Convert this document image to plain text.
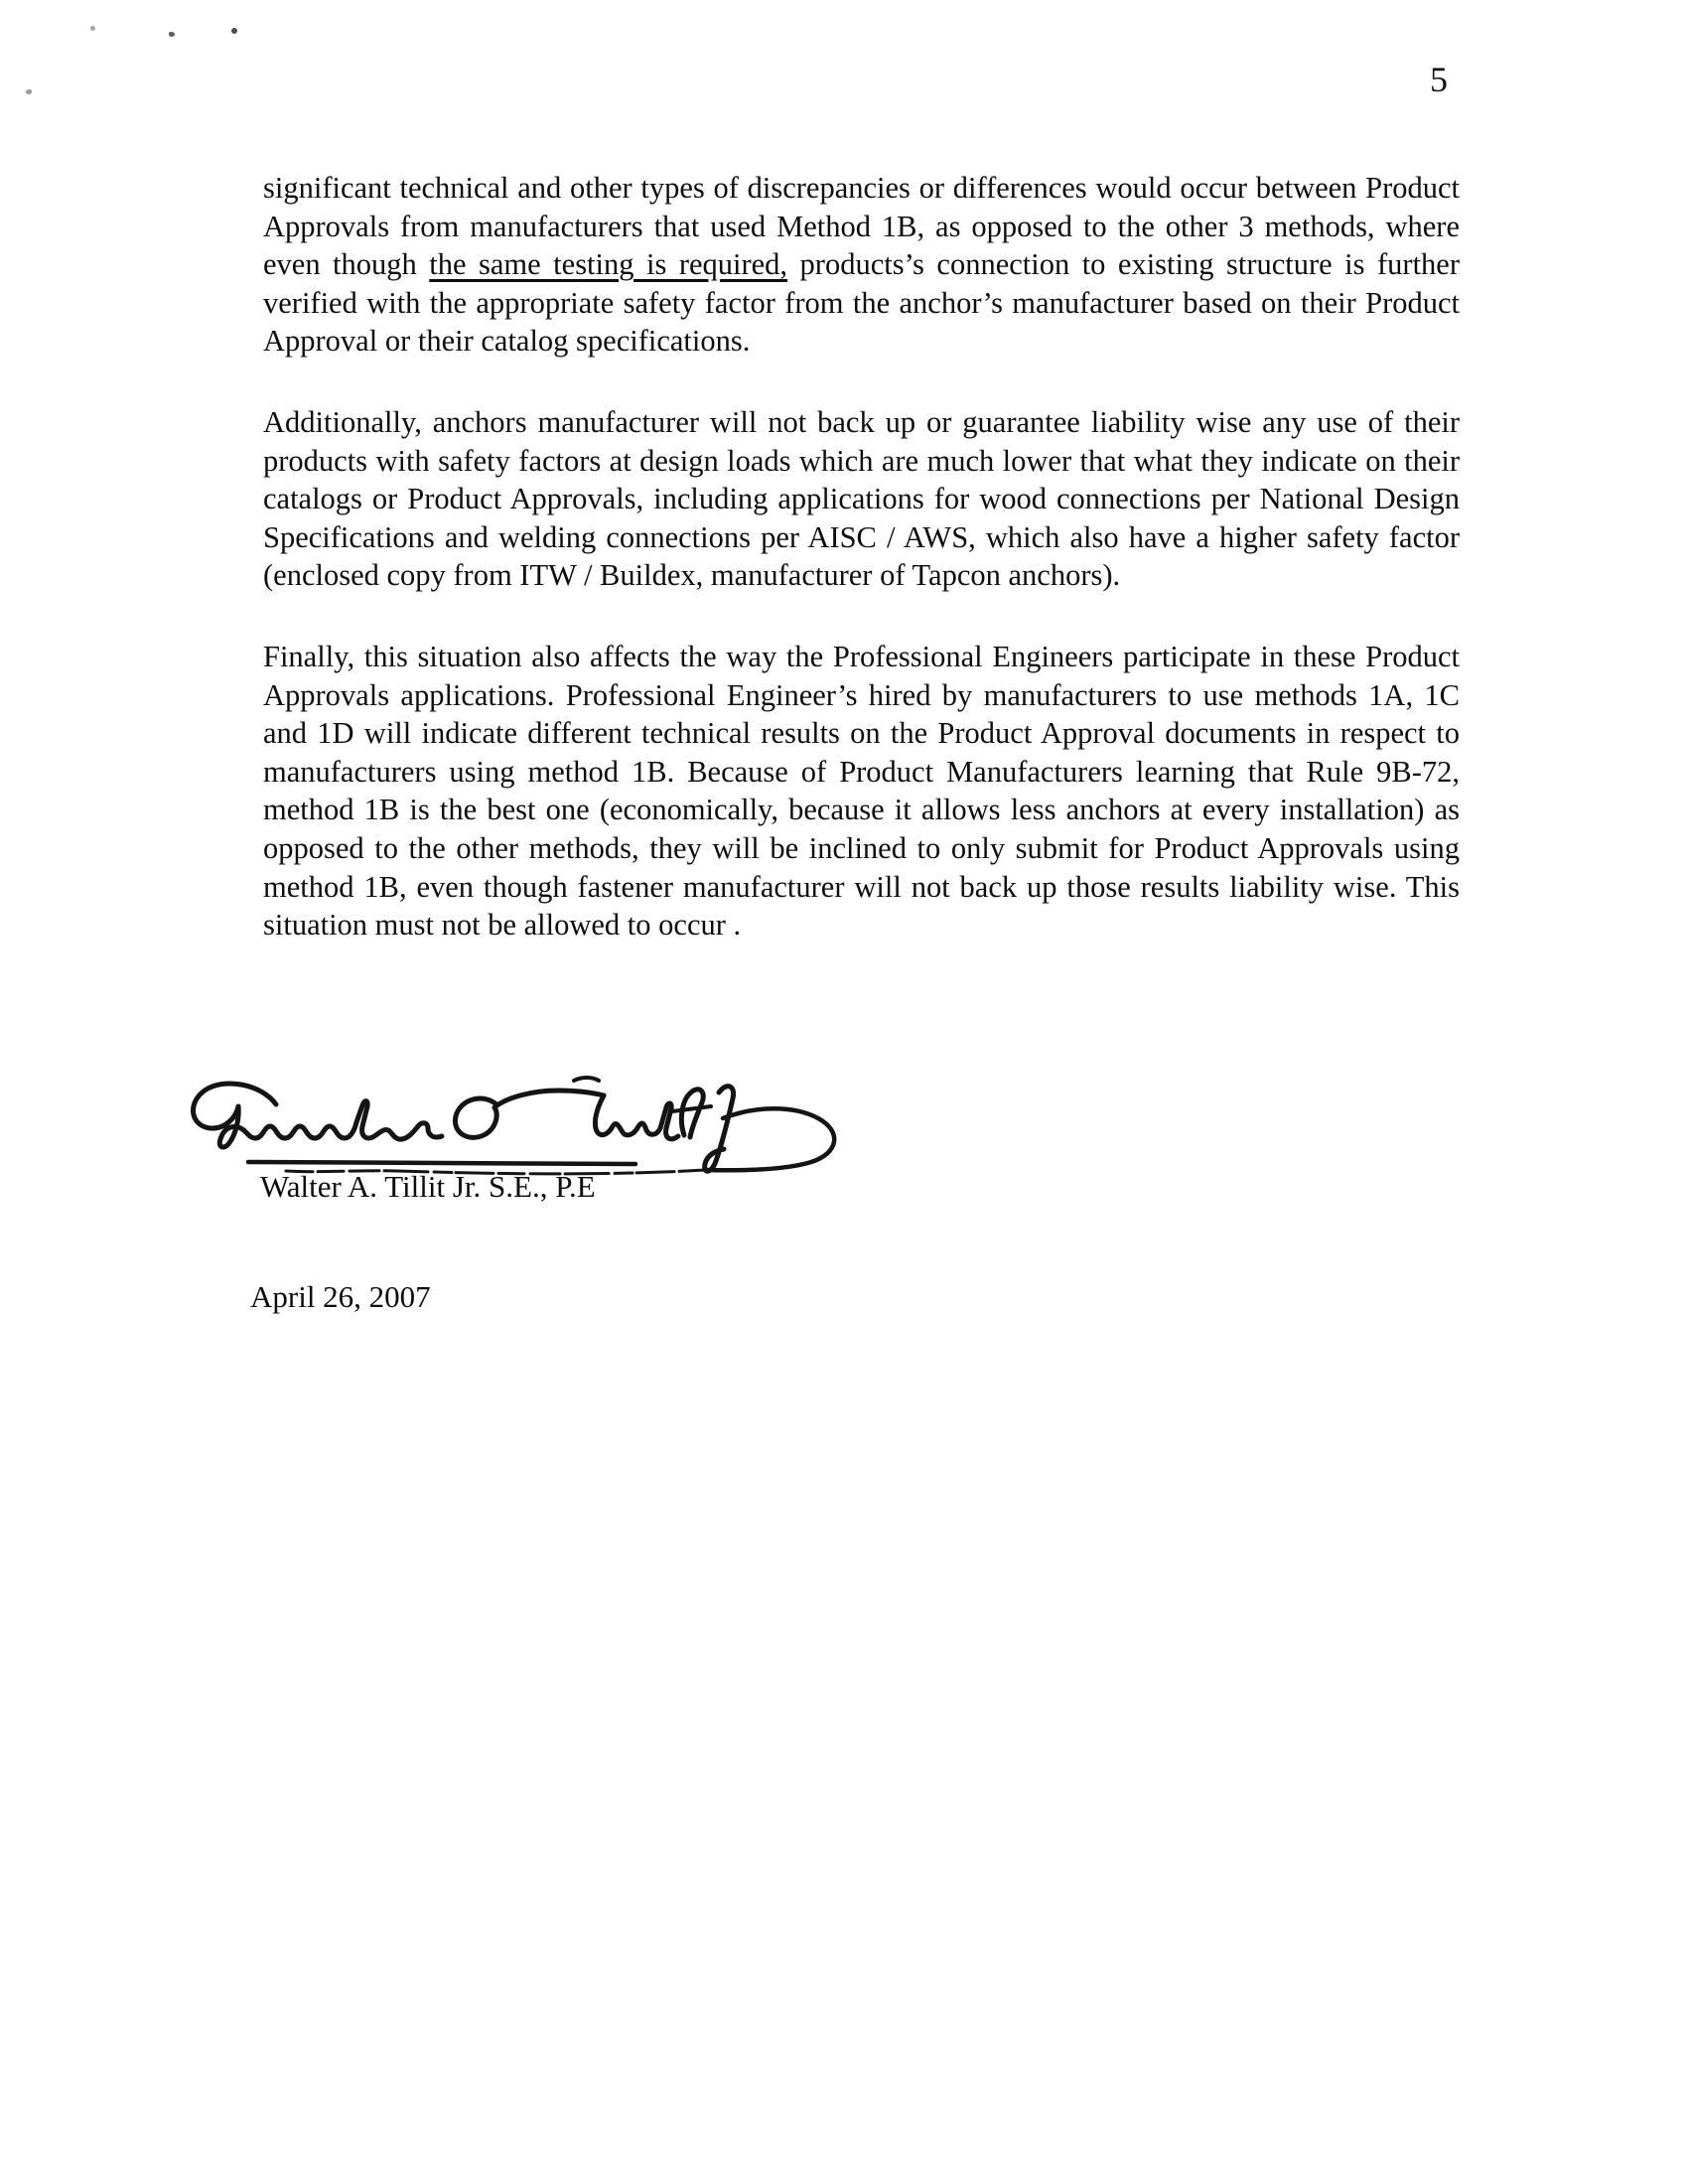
5

significant technical and other types of discrepancies or differences would occur between Product Approvals from manufacturers that used Method 1B, as opposed to the other 3 methods, where even though the same testing is required, products’s connection to existing structure is further verified with the appropriate safety factor from the anchor’s manufacturer based on their Product Approval or their catalog specifications.

Additionally, anchors manufacturer will not back up or guarantee liability wise any use of their products with safety factors at design loads which are much lower that what they indicate on their catalogs or Product Approvals, including applications for wood connections per National Design Specifications and welding connections per AISC / AWS, which also have a higher safety factor (enclosed copy from ITW / Buildex, manufacturer of Tapcon anchors).

Finally, this situation also affects the way the Professional Engineers participate in these Product Approvals applications. Professional Engineer’s hired by manufacturers to use methods 1A, 1C and 1D will indicate different technical results on the Product Approval documents in respect to manufacturers using method 1B. Because of Product Manufacturers learning that Rule 9B-72, method 1B is the best one (economically, because it allows less anchors at every installation) as opposed to the other methods, they will be inclined to only submit for Product Approvals using method 1B, even though fastener manufacturer will not back up those results liability wise. This situation must not be allowed to occur .

Walter A. Tillit Jr. S.E., P.E
April 26, 2007
